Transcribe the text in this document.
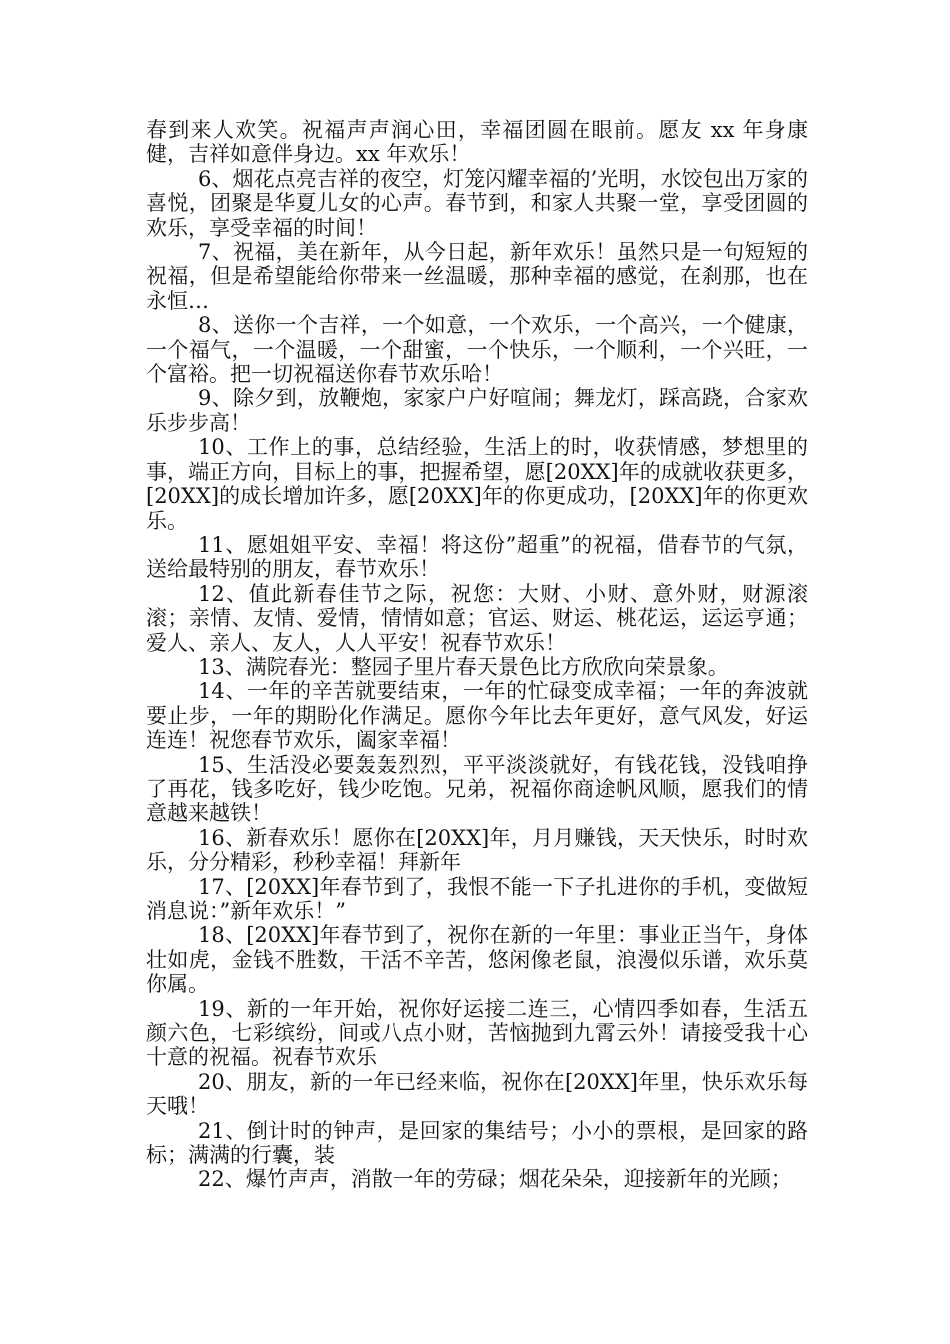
春到来人欢笑。祝福声声润心田，幸福团圆在眼前。愿友 xx 年身康健，吉祥如意伴身边。xx 年欢乐！

6、烟花点亮吉祥的夜空，灯笼闪耀幸福的’光明，水饺包出万家的喜悦，团聚是华夏儿女的心声。春节到，和家人共聚一堂，享受团圆的欢乐，享受幸福的时间！

7、祝福，美在新年，从今日起，新年欢乐！虽然只是一句短短的祝福，但是希望能给你带来一丝温暖，那种幸福的感觉，在刹那，也在永恒…

8、送你一个吉祥，一个如意，一个欢乐，一个高兴，一个健康，一个福气，一个温暖，一个甜蜜，一个快乐，一个顺利，一个兴旺，一个富裕。把一切祝福送你春节欢乐哈！

9、除夕到，放鞭炮，家家户户好喧闹；舞龙灯，踩高跷，合家欢乐步步高！

10、工作上的事，总结经验，生活上的时，收获情感，梦想里的事，端正方向，目标上的事，把握希望，愿[20XX]年的成就收获更多，[20XX]的成长增加许多，愿[20XX]年的你更成功，[20XX]年的你更欢乐。

11、愿姐姐平安、幸福！将这份”超重”的祝福，借春节的气氛，送给最特别的朋友，春节欢乐！

12、值此新春佳节之际，祝您：大财、小财、意外财，财源滚滚；亲情、友情、爱情，情情如意；官运、财运、桃花运，运运亨通；爱人、亲人、友人，人人平安！祝春节欢乐！

13、满院春光：整园子里片春天景色比方欣欣向荣景象。

14、一年的辛苦就要结束，一年的忙碌变成幸福；一年的奔波就要止步，一年的期盼化作满足。愿你今年比去年更好，意气风发，好运连连！祝您春节欢乐，阖家幸福！

15、生活没必要轰轰烈烈，平平淡淡就好，有钱花钱，没钱咱挣了再花，钱多吃好，钱少吃饱。兄弟，祝福你商途帆风顺，愿我们的情意越来越铁！

16、新春欢乐！愿你在[20XX]年，月月赚钱，天天快乐，时时欢乐，分分精彩，秒秒幸福！拜新年

17、[20XX]年春节到了，我恨不能一下子扎进你的手机，变做短消息说：”新年欢乐！”

18、[20XX]年春节到了，祝你在新的一年里：事业正当午，身体壮如虎，金钱不胜数，干活不辛苦，悠闲像老鼠，浪漫似乐谱，欢乐莫你属。

19、新的一年开始，祝你好运接二连三，心情四季如春，生活五颜六色，七彩缤纷，间或八点小财，苦恼抛到九霄云外！请接受我十心十意的祝福。祝春节欢乐

20、朋友，新的一年已经来临，祝你在[20XX]年里，快乐欢乐每天哦！

21、倒计时的钟声，是回家的集结号；小小的票根，是回家的路标；满满的行囊，装

22、爆竹声声，消散一年的劳碌；烟花朵朵，迎接新年的光顾；
